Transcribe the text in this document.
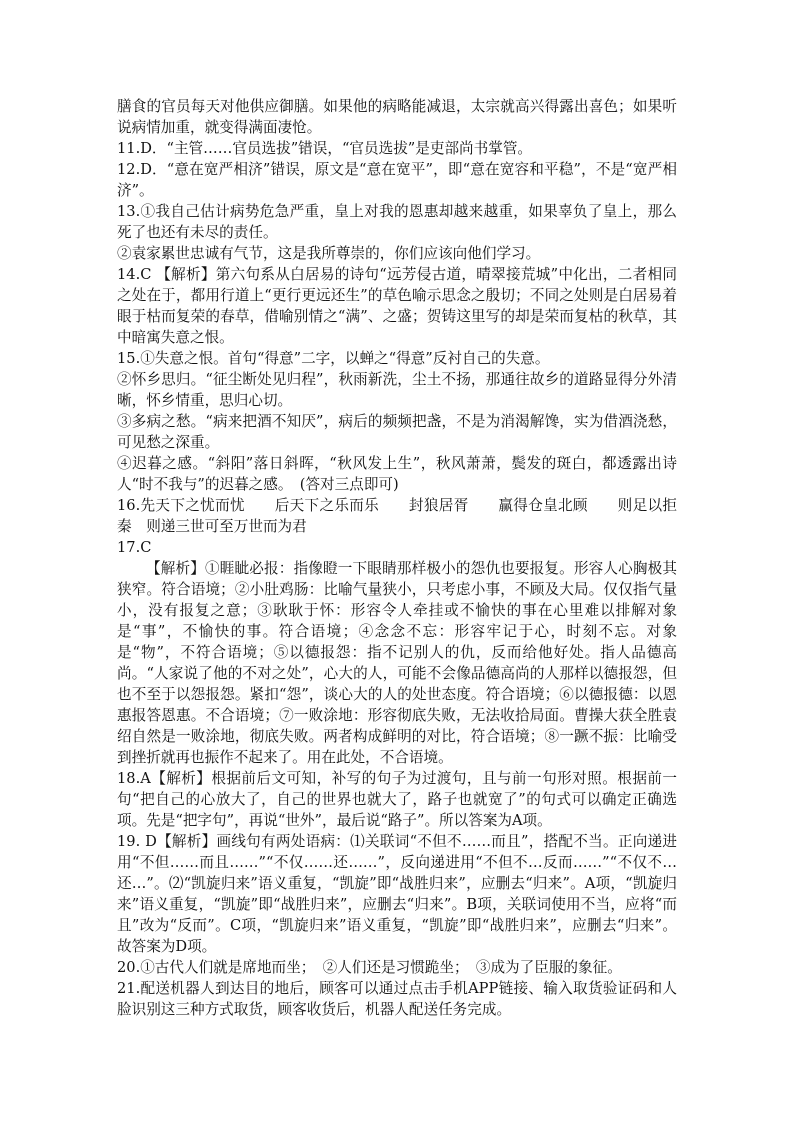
膳食的官员每天对他供应御膳。如果他的病略能减退，太宗就高兴得露出喜色；如果听说病情加重，就变得满面凄怆。

11.D．“主管……官员选拔”错误，“官员选拔”是吏部尚书掌管。

12.D．“意在宽严相济”错误，原文是“意在宽平”，即“意在宽容和平稳”，不是“宽严相济”。

13.①我自己估计病势危急严重，皇上对我的恩惠却越来越重，如果辜负了皇上，那么死了也还有未尽的责任。

②袁家累世忠诚有气节，这是我所尊崇的，你们应该向他们学习。

14.C 【解析】第六句系从白居易的诗句“远芳侵古道，晴翠接荒城”中化出，二者相同之处在于，都用行道上“更行更远还生”的草色喻示思念之殷切；不同之处则是白居易着眼于枯而复荣的春草，借喻别情之“满”、之盛；贺铸这里写的却是荣而复枯的秋草，其中暗寓失意之恨。

15.①失意之恨。首句“得意”二字，以蝉之“得意”反衬自己的失意。

②怀乡思归。“征尘断处见归程”，秋雨新洗，尘土不扬，那通往故乡的道路显得分外清晰，怀乡情重，思归心切。

③多病之愁。“病来把酒不知厌”，病后的频频把盏，不是为消渴解馋，实为借酒浇愁，可见愁之深重。

④迟暮之感。“斜阳”落日斜晖，“秋风发上生”，秋风萧萧，鬓发的斑白，都透露出诗人“时不我与”的迟暮之感。　(答对三点即可)

16.先天下之忧而忧　　后天下之乐而乐　　封狼居胥　　赢得仓皇北顾　　则足以拒秦　则递三世可至万世而为君

17.C

【解析】①睚眦必报：指像瞪一下眼睛那样极小的怨仇也要报复。形容人心胸极其狭窄。符合语境；②小肚鸡肠：比喻气量狭小，只考虑小事，不顾及大局。仅仅指气量小，没有报复之意；③耿耿于怀：形容令人牵挂或不愉快的事在心里难以排解对象是“事”，不愉快的事。符合语境；④念念不忘：形容牢记于心，时刻不忘。对象是“物”，不符合语境；⑤以德报怨：指不记别人的仇，反而给他好处。指人品德高尚。“人家说了他的不对之处”，心大的人，可能不会像品德高尚的人那样以德报怨，但也不至于以怨报怨。紧扣“怨”，谈心大的人的处世态度。符合语境；⑥以德报德：以恩惠报答恩惠。不合语境；⑦一败涂地：形容彻底失败，无法收拾局面。曹操大获全胜袁绍自然是一败涂地，彻底失败。两者构成鲜明的对比，符合语境；⑧一蹶不振：比喻受到挫折就再也振作不起来了。用在此处，不合语境。

18.A【解析】根据前后文可知，补写的句子为过渡句，且与前一句形对照。根据前一句“把自己的心放大了，自己的世界也就大了，路子也就宽了”的句式可以确定正确选项。先是“把字句”，再说“世外”，最后说“路子”。所以答案为A项。

19. D【解析】画线句有两处语病：⑴关联词“不但不……而且”，搭配不当。正向递进用“不但……而且……”“不仅……还……”，反向递进用“不但不…反而……”“不仅不…还…”。⑵“凯旋归来”语义重复，“凯旋”即“战胜归来”，应删去“归来”。A项，“凯旋归来”语义重复，“凯旋”即“战胜归来”，应删去“归来”。B项，关联词使用不当，应将“而且”改为“反而”。C项，“凯旋归来”语义重复，“凯旋”即“战胜归来”，应删去“归来”。故答案为D项。

20.①古代人们就是席地而坐；　②人们还是习惯跪坐；　③成为了臣服的象征。

21.配送机器人到达目的地后，顾客可以通过点击手机APP链接、输入取货验证码和人脸识别这三种方式取货，顾客收货后，机器人配送任务完成。
